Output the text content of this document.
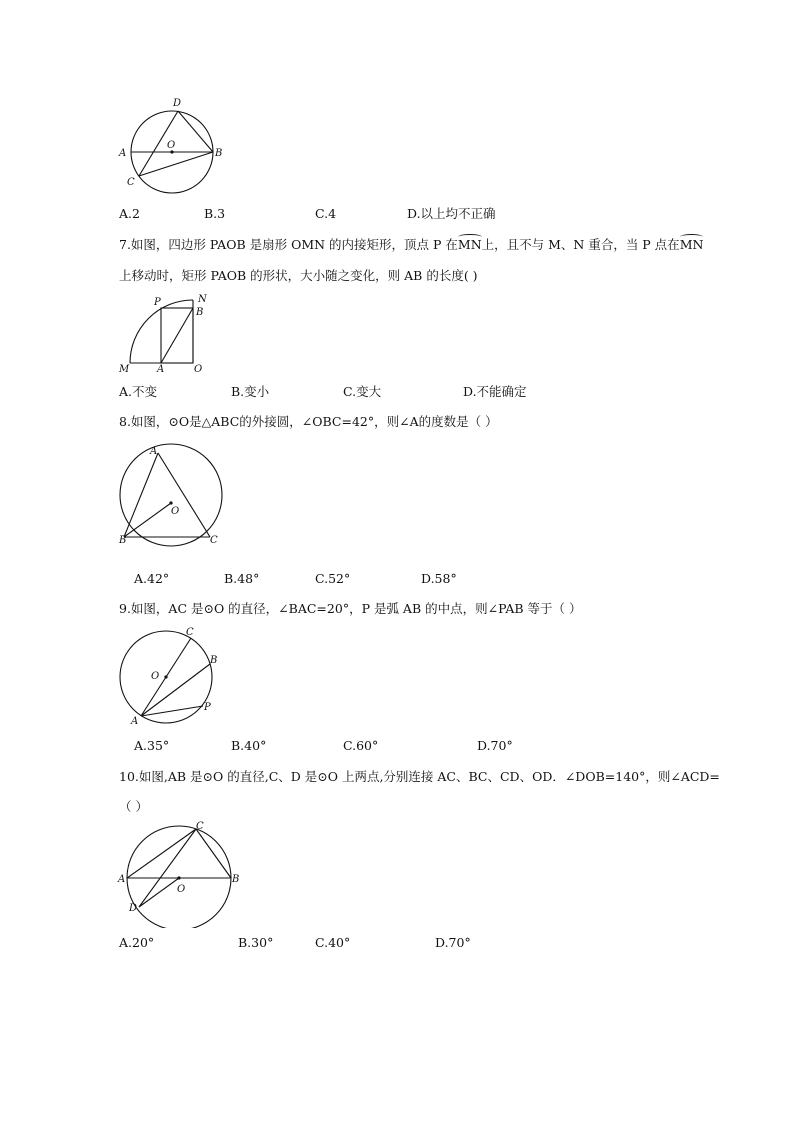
D
O
A	B
C
A.2	B.3	C.4	D.以上均不正确
7.如图，四边形 PAOB 是扇形 OMN 的内接矩形，顶点 P 在
MN上，且不与 M、N 重合，当 P 点在
MN
上移动时，矩形 PAOB 的形状，大小随之变化，则 AB 的长度( )
P	N
B
M	A	O
A.不变	B.变小	C.变大	D.不能确定
8.如图，⊙O是△ABC的外接圆，∠OBC=42°，则∠A的度数是（ ）
A
O
B	C
A.42°	B.48°	C.52°	D.58°
9.如图，AC 是⊙O 的直径，∠BAC=20°，P 是弧 AB 的中点，则∠PAB 等于（ ）
C
B
O
P
A
A.35°	B.40°	C.60°	D.70°
10.如图,AB 是⊙O 的直径,C、D 是⊙O 上两点,分别连接 AC、BC、CD、OD．∠DOB=140°，则∠ACD=
（ ）
C
A	B
O
D
A.20°	B.30°	C.40°	D.70°
